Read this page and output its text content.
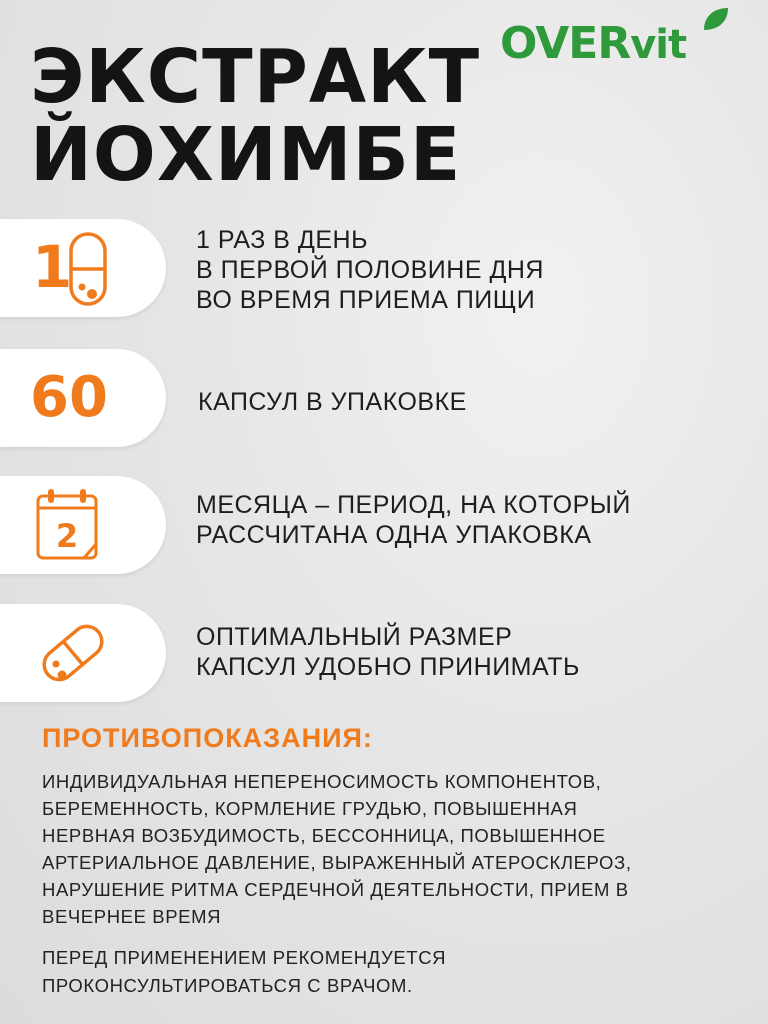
OVERvit
ЭКСТРАКТ
ЙОХИМБЕ
1	1 РАЗ В ДЕНЬ
В ПЕРВОЙ ПОЛОВИНЕ ДНЯ
ВО ВРЕМЯ ПРИЕМА ПИЩИ
60	КАПСУЛ В УПАКОВКЕ
2
МЕСЯЦА – ПЕРИОД, НА КОТОРЫЙ
РАССЧИТАНА ОДНА УПАКОВКА
ОПТИМАЛЬНЫЙ РАЗМЕР
КАПСУЛ УДОБНО ПРИНИМАТЬ
ПРОТИВОПОКАЗАНИЯ:
ИНДИВИДУАЛЬНАЯ НЕПЕРЕНОСИМОСТЬ КОМПОНЕНТОВ,
БЕРЕМЕННОСТЬ, КОРМЛЕНИЕ ГРУДЬЮ, ПОВЫШЕННАЯ
НЕРВНАЯ ВОЗБУДИМОСТЬ, БЕССОННИЦА, ПОВЫШЕННОЕ
АРТЕРИАЛЬНОЕ ДАВЛЕНИЕ, ВЫРАЖЕННЫЙ АТЕРОСКЛЕРОЗ,
НАРУШЕНИЕ РИТМА СЕРДЕЧНОЙ ДЕЯТЕЛЬНОСТИ, ПРИЕМ В
ВЕЧЕРНЕЕ ВРЕМЯ
ПЕРЕД ПРИМЕНЕНИЕМ РЕКОМЕНДУЕТСЯ
ПРОКОНСУЛЬТИРОВАТЬСЯ С ВРАЧОМ.
